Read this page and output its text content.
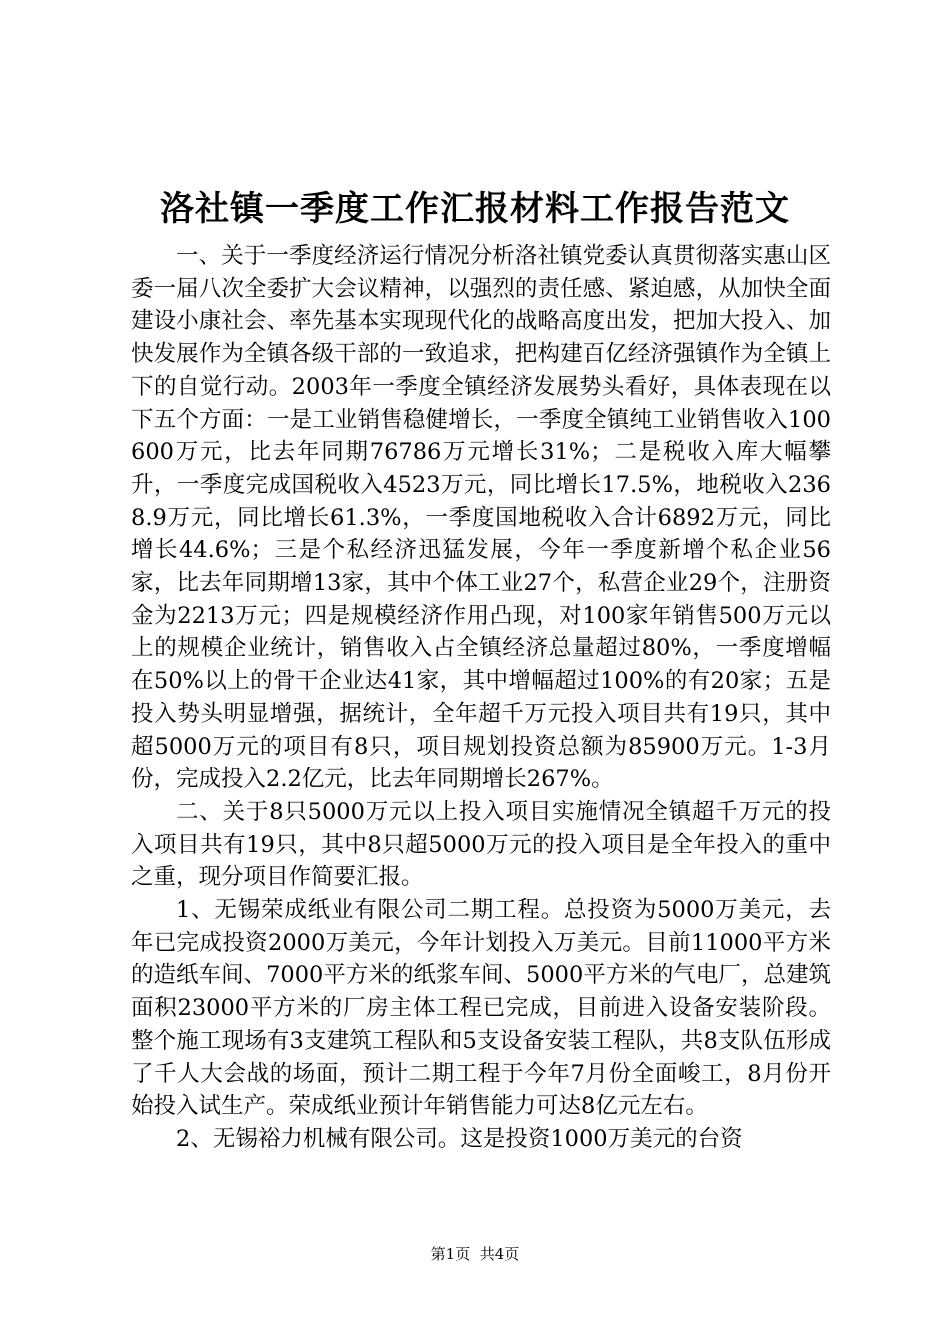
洛社镇一季度工作汇报材料工作报告范文

一、关于一季度经济运行情况分析洛社镇党委认真贯彻落实惠山区委一届八次全委扩大会议精神，以强烈的责任感、紧迫感，从加快全面建设小康社会、率先基本实现现代化的战略高度出发，把加大投入、加快发展作为全镇各级干部的一致追求，把构建百亿经济强镇作为全镇上下的自觉行动。2003年一季度全镇经济发展势头看好，具体表现在以下五个方面：一是工业销售稳健增长，一季度全镇纯工业销售收入100600万元，比去年同期76786万元增长31%；二是税收入库大幅攀升，一季度完成国税收入4523万元，同比增长17.5%，地税收入2368.9万元，同比增长61.3%，一季度国地税收入合计6892万元，同比增长44.6%；三是个私经济迅猛发展，今年一季度新增个私企业56家，比去年同期增13家，其中个体工业27个，私营企业29个，注册资金为2213万元；四是规模经济作用凸现，对100家年销售500万元以上的规模企业统计，销售收入占全镇经济总量超过80%，一季度增幅在50%以上的骨干企业达41家，其中增幅超过100%的有20家；五是投入势头明显增强，据统计，全年超千万元投入项目共有19只，其中超5000万元的项目有8只，项目规划投资总额为85900万元。1-3月份，完成投入2.2亿元，比去年同期增长267%。

二、关于8只5000万元以上投入项目实施情况全镇超千万元的投入项目共有19只，其中8只超5000万元的投入项目是全年投入的重中之重，现分项目作简要汇报。

1、无锡荣成纸业有限公司二期工程。总投资为5000万美元，去年已完成投资2000万美元，今年计划投入万美元。目前11000平方米的造纸车间、7000平方米的纸浆车间、5000平方米的气电厂，总建筑面积23000平方米的厂房主体工程已完成，目前进入设备安装阶段。整个施工现场有3支建筑工程队和5支设备安装工程队，共8支队伍形成了千人大会战的场面，预计二期工程于今年7月份全面峻工，8月份开始投入试生产。荣成纸业预计年销售能力可达8亿元左右。

2、无锡裕力机械有限公司。这是投资1000万美元的台资

第1页 共4页
